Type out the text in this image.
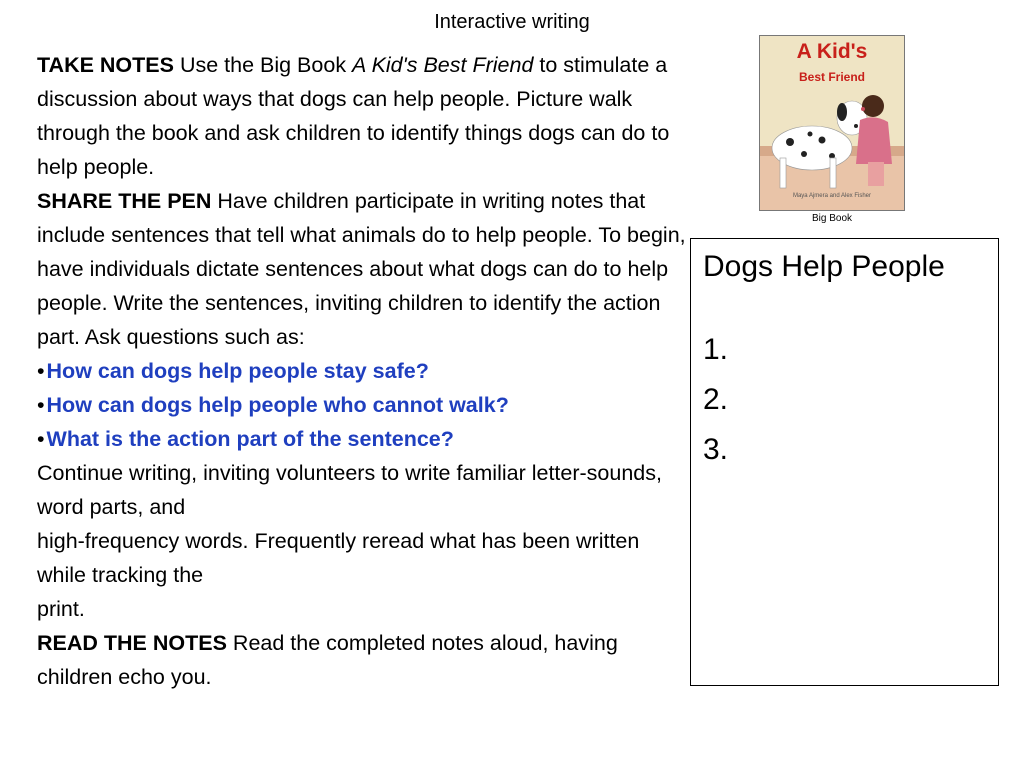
Interactive writing

TAKE NOTES Use the Big Book A Kid's Best Friend to stimulate a discussion about ways that dogs can help people. Picture walk through the book and ask children to identify things dogs can do to help people.

SHARE THE PEN Have children participate in writing notes that include sentences that tell what animals do to help people. To begin, have individuals dictate sentences about what dogs can do to help people. Write the sentences, inviting children to identify the action part. Ask questions such as:

•How can dogs help people stay safe?

•How can dogs help people who cannot walk?

•What is the action part of the sentence?

Continue writing, inviting volunteers to write familiar letter-sounds, word parts, and

high-frequency words. Frequently reread what has been written while tracking the

print.

READ THE NOTES Read the completed notes aloud, having children echo you.

A Kid's
Best Friend
Maya Ajmera and Alex Fisher
Big Book
Dogs Help People
1.
2.
3.
